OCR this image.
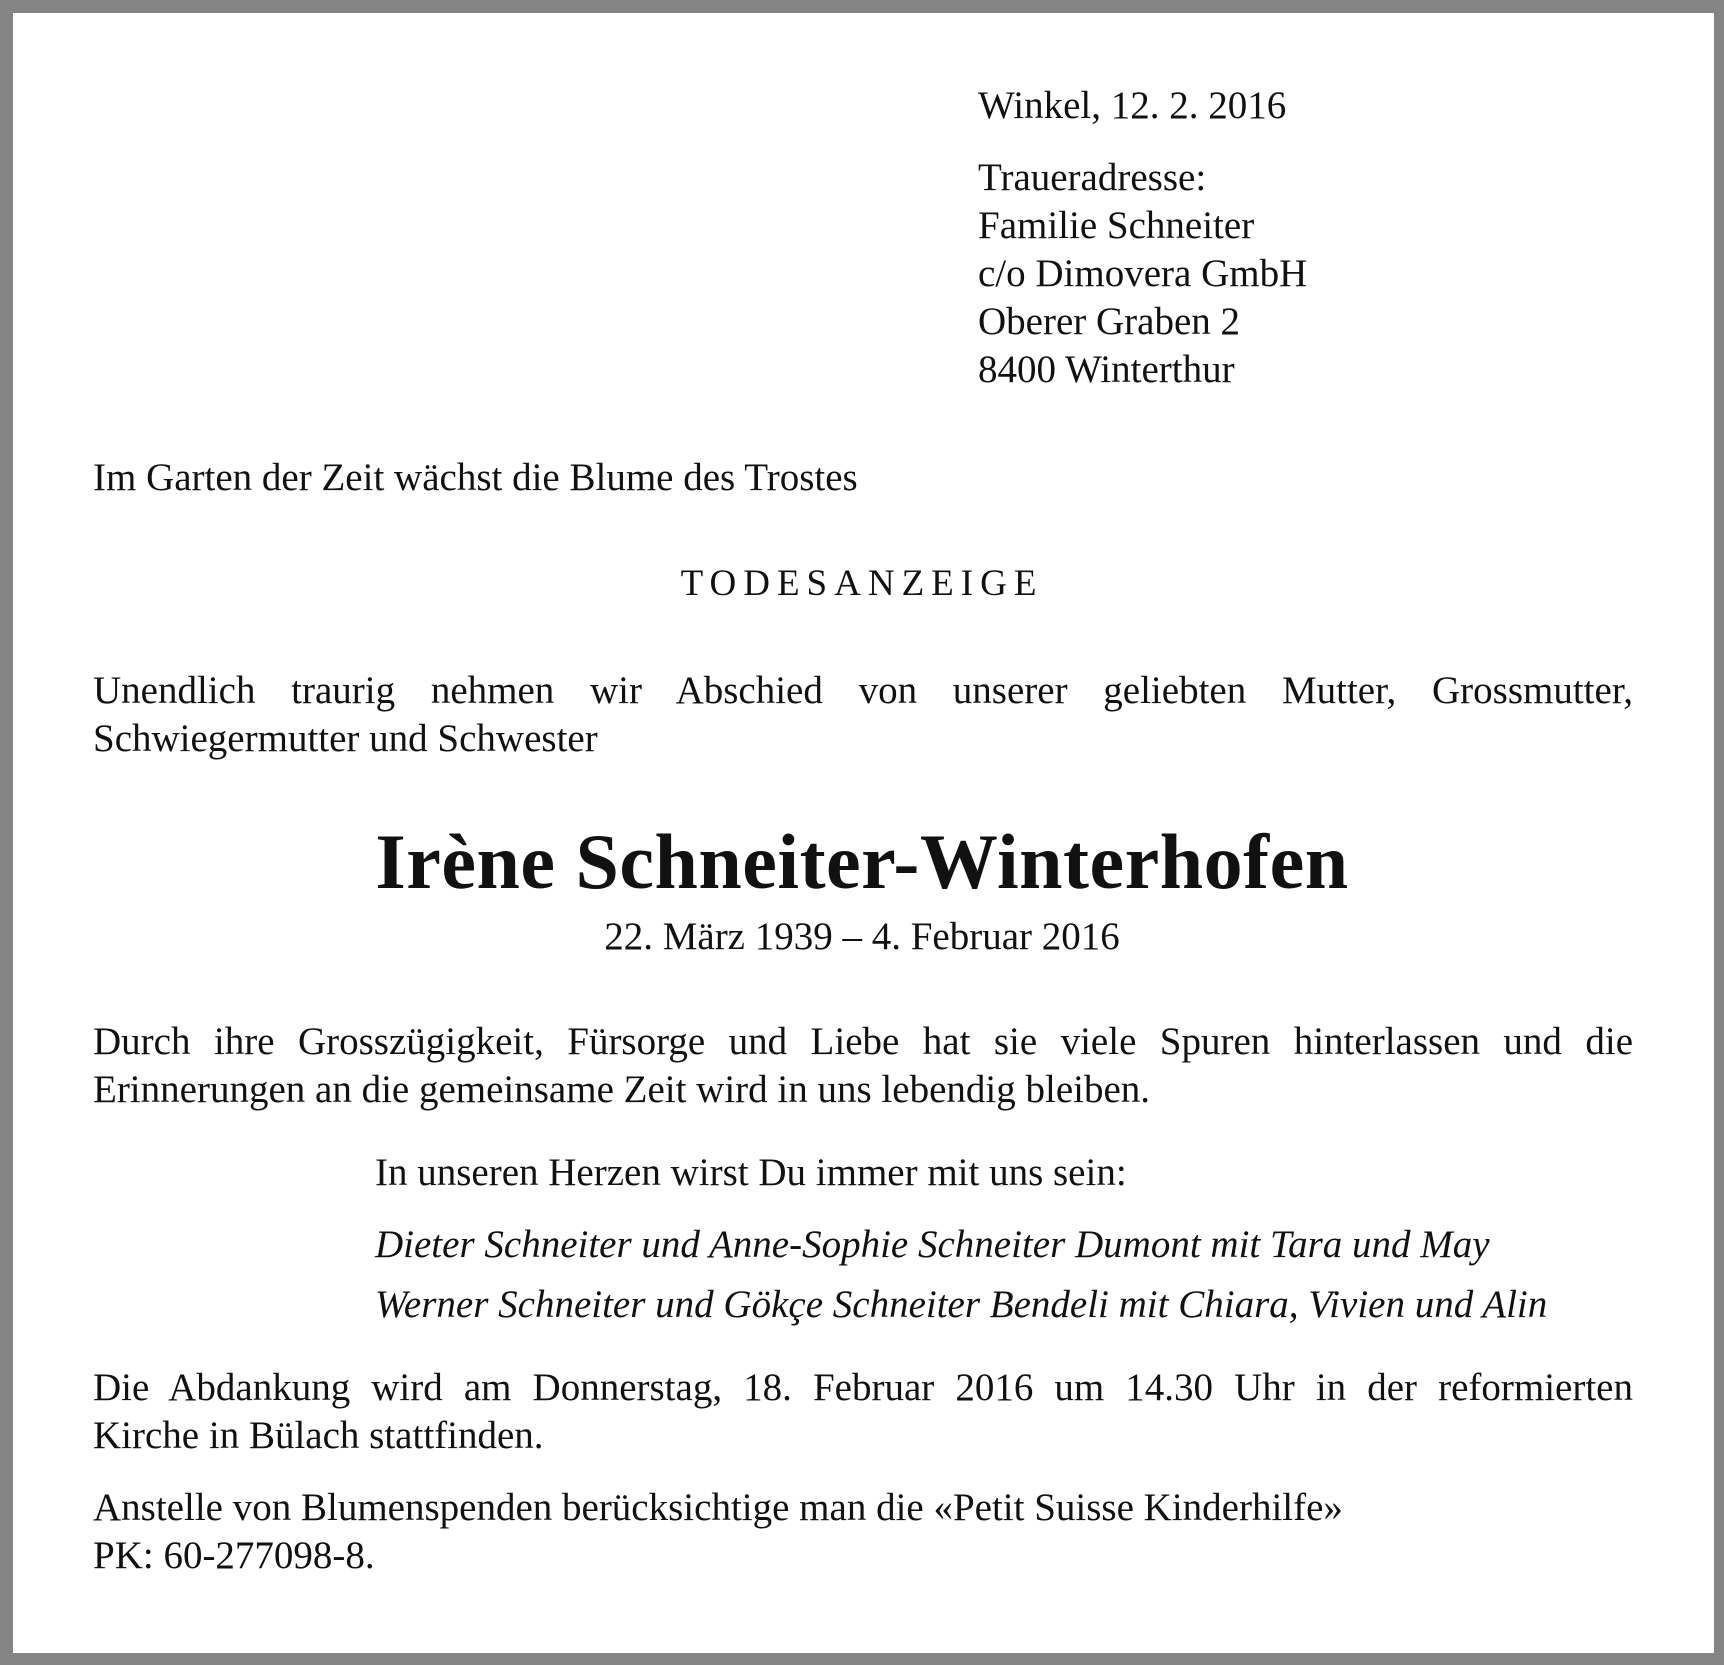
Winkel, 12. 2. 2016
Traueradresse:
Familie Schneiter
c/o Dimovera GmbH
Oberer Graben 2
8400 Winterthur
Im Garten der Zeit wächst die Blume des Trostes
TODESANZEIGE
Unendlich traurig nehmen wir Abschied von unserer geliebten Mutter, Grossmutter,
Schwiegermutter und Schwester
Irène Schneiter-Winterhofen
22. März 1939 – 4. Februar 2016
Durch ihre Grosszügigkeit, Fürsorge und Liebe hat sie viele Spuren hinterlassen und die
Erinnerungen an die gemeinsame Zeit wird in uns lebendig bleiben.
In unseren Herzen wirst Du immer mit uns sein:
Dieter Schneiter und Anne-Sophie Schneiter Dumont mit Tara und May
Werner Schneiter und Gökçe Schneiter Bendeli mit Chiara, Vivien und Alin
Die Abdankung wird am Donnerstag, 18. Februar 2016 um 14.30 Uhr in der reformierten
Kirche in Bülach stattfinden.
Anstelle von Blumenspenden berücksichtige man die «Petit Suisse Kinderhilfe»
PK: 60-277098-8.
